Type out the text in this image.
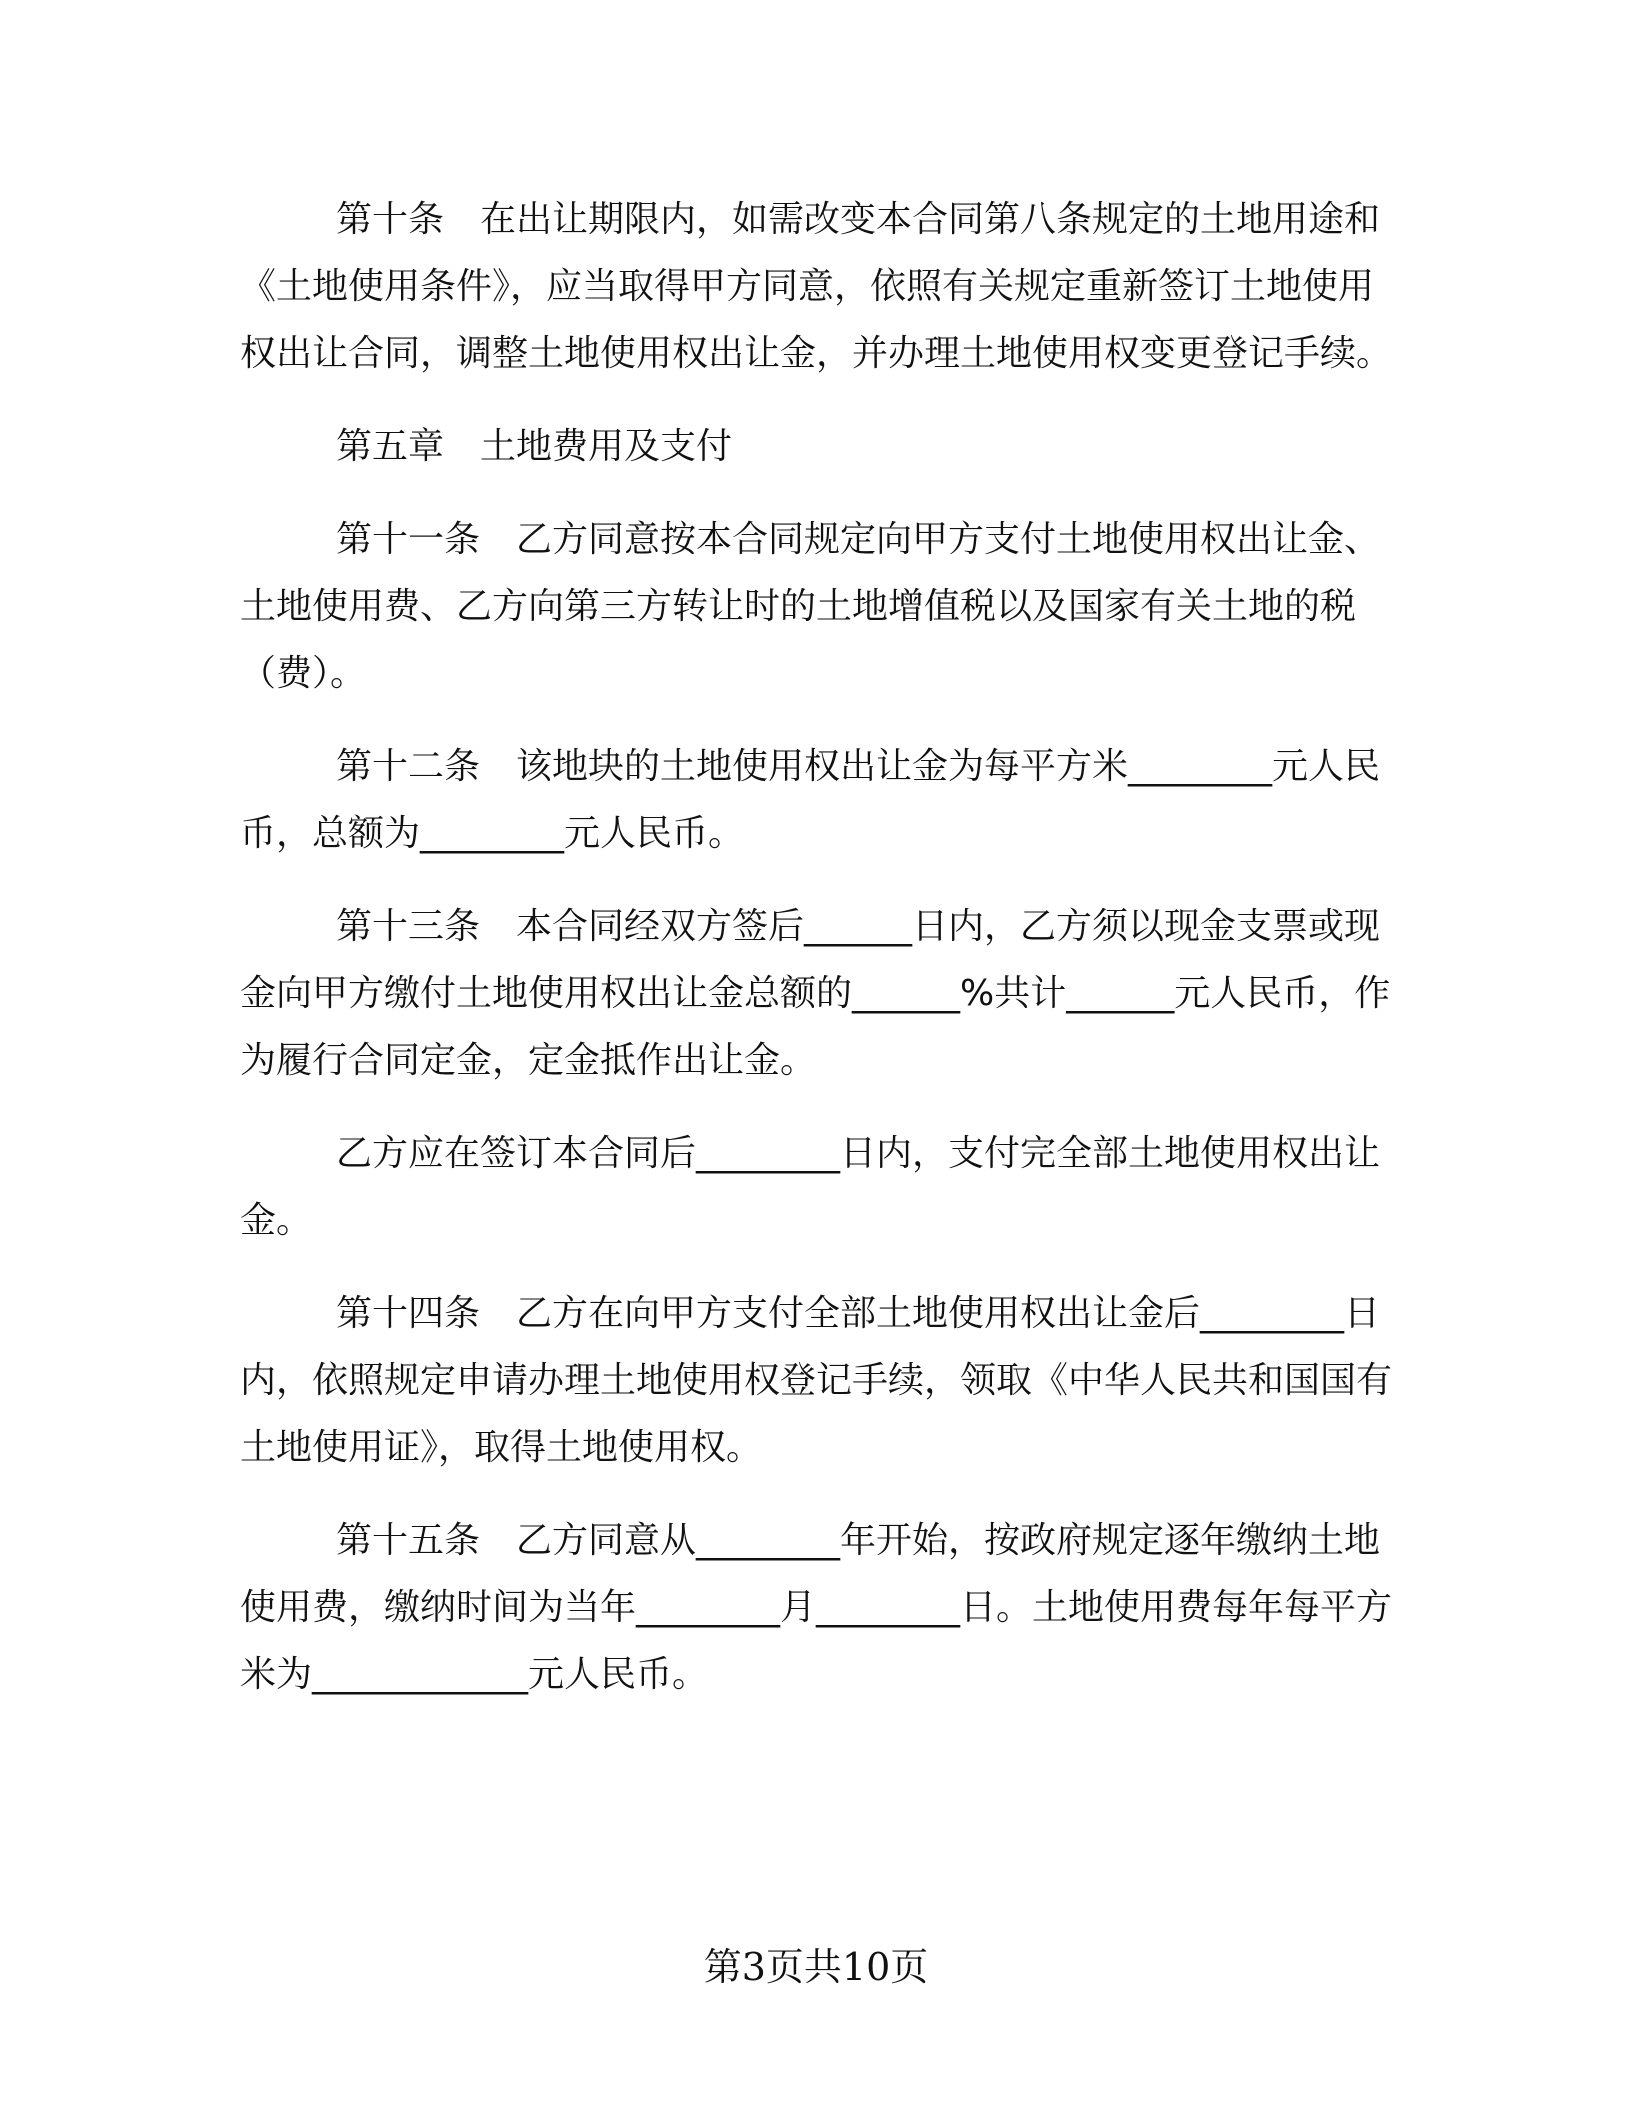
第十条　在出让期限内，如需改变本合同第八条规定的土地用途和《土地使用条件》，应当取得甲方同意，依照有关规定重新签订土地使用权出让合同，调整土地使用权出让金，并办理土地使用权变更登记手续。

第五章　土地费用及支付

第十一条　乙方同意按本合同规定向甲方支付土地使用权出让金、土地使用费、乙方向第三方转让时的土地增值税以及国家有关土地的税（费）。

第十二条　该地块的土地使用权出让金为每平方米________元人民币，总额为________元人民币。

第十三条　本合同经双方签后______日内，乙方须以现金支票或现金向甲方缴付土地使用权出让金总额的______%共计______元人民币，作为履行合同定金，定金抵作出让金。

乙方应在签订本合同后________日内，支付完全部土地使用权出让金。

第十四条　乙方在向甲方支付全部土地使用权出让金后________日内，依照规定申请办理土地使用权登记手续，领取《中华人民共和国国有土地使用证》，取得土地使用权。

第十五条　乙方同意从________年开始，按政府规定逐年缴纳土地使用费，缴纳时间为当年________月________日。土地使用费每年每平方米为____________元人民币。

第3页共10页
